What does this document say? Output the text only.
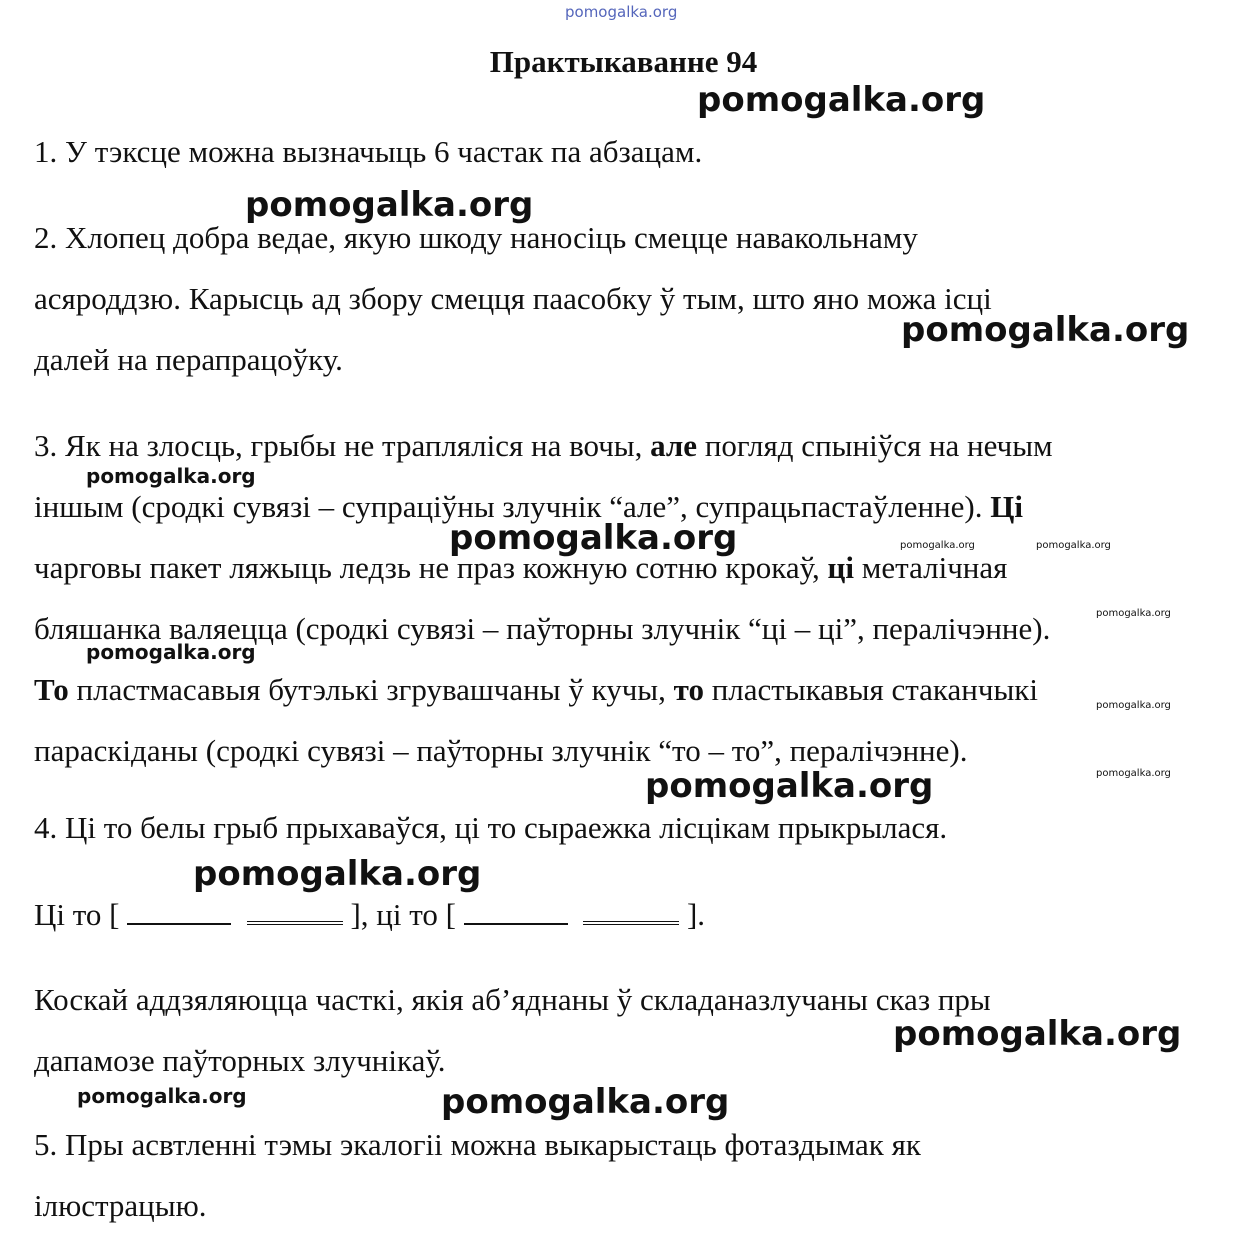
pomogalka.org
Практыкаванне 94
1. У тэксце можна вызначыць 6 частак па абзацам.
2. Хлопец добра ведае, якую шкоду наносіць смецце навакольнаму
асяроддзю. Карысць ад збору смецця паасобку ў тым, што яно можа ісці
далей на перапрацоўку.
3. Як на злосць, грыбы не траплялiся на вочы, але погляд спынiўся на нечым
iншым (сродкi сувязi – супрацiўны злучнiк “але”, супрацьпастаўленне). Цi
чарговы пакет ляжыць ледзь не праз кожную сотню крокаў, цi металiчная
бляшанка валяецца (сродкi сувязi – паўторны злучнiк “цi – цi”, пералiчэнне).
То пластмасавыя бутэлькi згрувашчаны ў кучы, то пластыкавыя стаканчыкi
параскiданы (сродкi сувязi – паўторны злучнiк “то – то”, пералiчэнне).
4. Цi то белы грыб прыхаваўся, цi то сыраежка лiсцiкам прыкрылася.
Цi то [	], цi то [	].
Коскай аддзяляюцца часткi, якiя аб’яднаны ў складаназлучаны сказ пры
дапамозе паўторных злучнiкаў.
5. Пры асвтленні тэмы экалогіі можна выкарыстаць фотаздымак як
ілюстрацыю.
pomogalka.org
pomogalka.org
pomogalka.org
pomogalka.org
pomogalka.org	pomogalka.org	pomogalka.org
pomogalka.org
pomogalka.org
pomogalka.org
pomogalka.org
pomogalka.org
pomogalka.org
pomogalka.org
pomogalka.org	pomogalka.org
